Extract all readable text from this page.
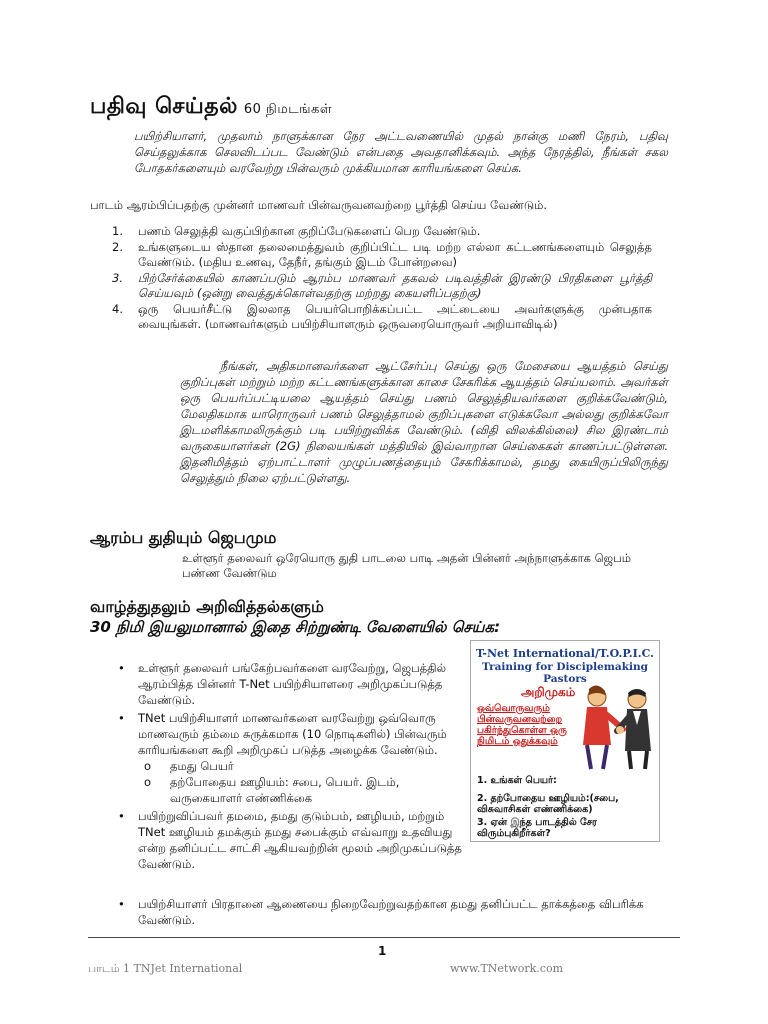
பதிவு செய்தல் 60 நிமடங்கள்
பயிற்சியாளர், முதலாம் நாளுக்கான நேர அட்டவணையில் முதல் நான்கு மணி நேரம், பதிவு செய்தலுக்காக செலவிடப்பட வேண்டும் என்பதை அவதானிக்கவும். அந்த நேரத்தில், நீங்கள் சகல போதகர்களையும் வரவேற்று பின்வரும் முக்கியமான காரியங்களை செய்க.
பாடம் ஆரம்பிப்பதற்கு முன்னர் மாணவர் பின்வருவனவற்றை பூர்த்தி செய்ய வேண்டும்.
1. பணம் செலுத்தி வகுப்பிற்கான குறிப்பேடுகளைப் பெற வேண்டும்.
2. உங்களுடைய ஸ்தான தலைமைத்துவம் குறிப்பிட்ட படி மற்ற எல்லா கட்டணங்களையும் செலுத்த வேண்டும். (மதிய உணவு, தேநீர், தங்கும் இடம் போன்றவை)
3. பிற்சேர்க்கையில் காணப்படும் ஆரம்ப மாணவர் தகவல் படிவத்தின் இரண்டு பிரதிகளை பூர்த்தி செய்யவும் (ஒன்று வைத்துக்கொள்வதற்கு மற்றது கையளிப்பதற்கு)
4. ஒரு பெயர்சீட்டு இலலாத பெயர்பொறிக்கப்பட்ட அட்டையை அவர்களுக்கு முன்பதாக வையுங்கள். (மாணவர்களும் பயிற்சியாளரும் ஒருவரையொருவர் அறியாவிடில்)
நீங்கள், அதிகமானவர்களை ஆட்சேர்ப்பு செய்து ஒரு மேசையை ஆயத்தம் செய்து குறிப்புகள் மற்றும் மற்ற கட்டணங்களுக்கான காசை சேகரிக்க ஆயத்தம் செய்யலாம். அவர்கள் ஒரு பெயர்ப்பட்டியலை ஆயத்தம் செய்து பணம் செலுத்தியவர்களை குறிக்கவேண்டும், மேலதிகமாக யாரொருவர் பணம் செலுத்தாமல் குறிப்புகளை எடுக்கவோ அல்லது குறிக்கவோ இடமளிக்காமலிருக்கும் படி பயிற்றுவிக்க வேண்டும். (விதி விலக்கில்லை) சில இரண்டாம் வருகையாளர்கள் (2G) நிலையங்கள் மத்தியில் இவ்வாறான செய்கைகள் காணப்பட்டுள்ளன. இதனிமித்தம் ஏற்பாட்டாளர் முழுப்பணத்தையும் சேகரிக்காமல், தமது கையிருப்பிலிருந்து செலுத்தும் நிலை ஏற்பட்டுள்ளது.
ஆரம்ப துதியும் ஜெபமும
உள்ளூர் தலைவர் ஒரேயொரு துதி பாடலை பாடி அதன் பின்னர் அந்நாளுக்காக ஜெபம் பண்ண வேண்டும
வாழ்த்துதலும் அறிவித்தல்களும்
30 நிமி இயலுமானால் இதை சிற்றுண்டி வேளையில் செய்க:
• உள்ளூர் தலைவர் பங்கேற்பவர்களை வரவேற்று, ஜெபத்தில் ஆரம்பித்த பின்னர் T-Net பயிற்சியாளரை அறிமுகப்படுத்த வேண்டும்.
• TNet பயிற்சியாளர் மாணவர்களை வரவேற்று ஒவ்வொரு மாணவரும் தம்மை சுருக்கமாக (10 நொடிகளில்) பின்வரும் காரியங்களை கூறி அறிமுகப் படுத்த அழைக்க வேண்டும்.
o தமது பெயர்
o தற்போதைய ஊழியம்: சபை, பெயர். இடம், வருகையாளர் எண்ணிக்கை
• பயிற்றுவிப்பவர் தமமை, தமது குடும்பம், ஊழியம், மற்றும் TNet ஊழியம் தமக்கும் தமது சபைக்கும் எவ்வாறு உதவியது என்ற தனிப்பட்ட சாட்சி ஆகியவற்றின் மூலம் அறிமுகப்படுத்த வேண்டும்.
•	பயிற்சியாளர் பிரதானை ஆணையை நிறைவேற்றுவதற்கான தமது தனிப்பட்ட தாக்கத்தை விபரிக்க வேண்டும்.
T-Net International/T.O.P.I.C.
Training for Disciplemaking Pastors
அறிமுகம்
ஒவ்வொருவரும் பின்வருவனவற்றை பகிர்ந்துகொள்ள ஒரு நிமிடம் ஒதுக்கவும்
1. உங்கள் பெயர்:
2. தற்போதைய ஊழியம்:(சபை, விசுவாசிகள் எண்ணிக்கை)
3. ஏன் இந்த பாடத்தில் சேர விரும்புகிறீர்கள்?
1
பாடம் 1 TNJet International	www.TNetwork.com
